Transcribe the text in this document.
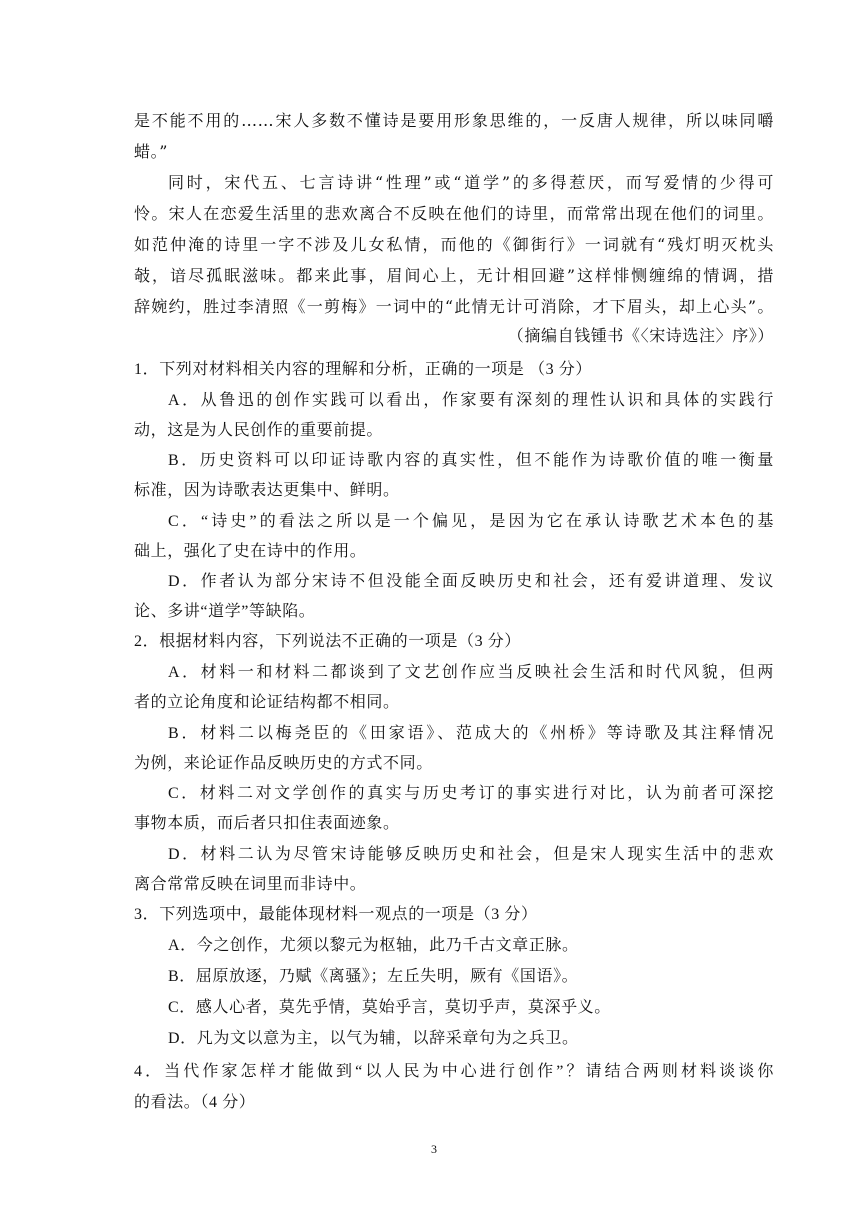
是不能不用的……宋人多数不懂诗是要用形象思维的，一反唐人规律，所以味同嚼
蜡。”
同时，宋代五、七言诗讲“性理”或“道学”的多得惹厌，而写爱情的少得可
怜。宋人在恋爱生活里的悲欢离合不反映在他们的诗里，而常常出现在他们的词里。
如范仲淹的诗里一字不涉及儿女私情，而他的《御街行》一词就有“残灯明灭枕头
攲，谙尽孤眠滋味。都来此事，眉间心上，无计相回避”这样悱恻缠绵的情调，措
辞婉约，胜过李清照《一剪梅》一词中的“此情无计可消除，才下眉头，却上心头”。
（摘编自钱锺书《〈宋诗选注〉序》）
1．下列对材料相关内容的理解和分析，正确的一项是 （3 分）
A．从鲁迅的创作实践可以看出，作家要有深刻的理性认识和具体的实践行
动，这是为人民创作的重要前提。
B．历史资料可以印证诗歌内容的真实性，但不能作为诗歌价值的唯一衡量
标准，因为诗歌表达更集中、鲜明。
C．“诗史”的看法之所以是一个偏见，是因为它在承认诗歌艺术本色的基
础上，强化了史在诗中的作用。
D．作者认为部分宋诗不但没能全面反映历史和社会，还有爱讲道理、发议
论、多讲“道学”等缺陷。
2．根据材料内容，下列说法不正确的一项是（3 分）
A．材料一和材料二都谈到了文艺创作应当反映社会生活和时代风貌，但两
者的立论角度和论证结构都不相同。
B．材料二以梅尧臣的《田家语》、范成大的《州桥》等诗歌及其注释情况
为例，来论证作品反映历史的方式不同。
C．材料二对文学创作的真实与历史考订的事实进行对比，认为前者可深挖
事物本质，而后者只扣住表面迹象。
D．材料二认为尽管宋诗能够反映历史和社会，但是宋人现实生活中的悲欢
离合常常反映在词里而非诗中。
3．下列选项中，最能体现材料一观点的一项是（3 分）
A．今之创作，尤须以黎元为枢轴，此乃千古文章正脉。
B．屈原放逐，乃赋《离骚》；左丘失明，厥有《国语》。
C．感人心者，莫先乎情，莫始乎言，莫切乎声，莫深乎义。
D．凡为文以意为主，以气为辅，以辞采章句为之兵卫。
4．当代作家怎样才能做到“以人民为中心进行创作”？请结合两则材料谈谈你
的看法。（4 分）
3
